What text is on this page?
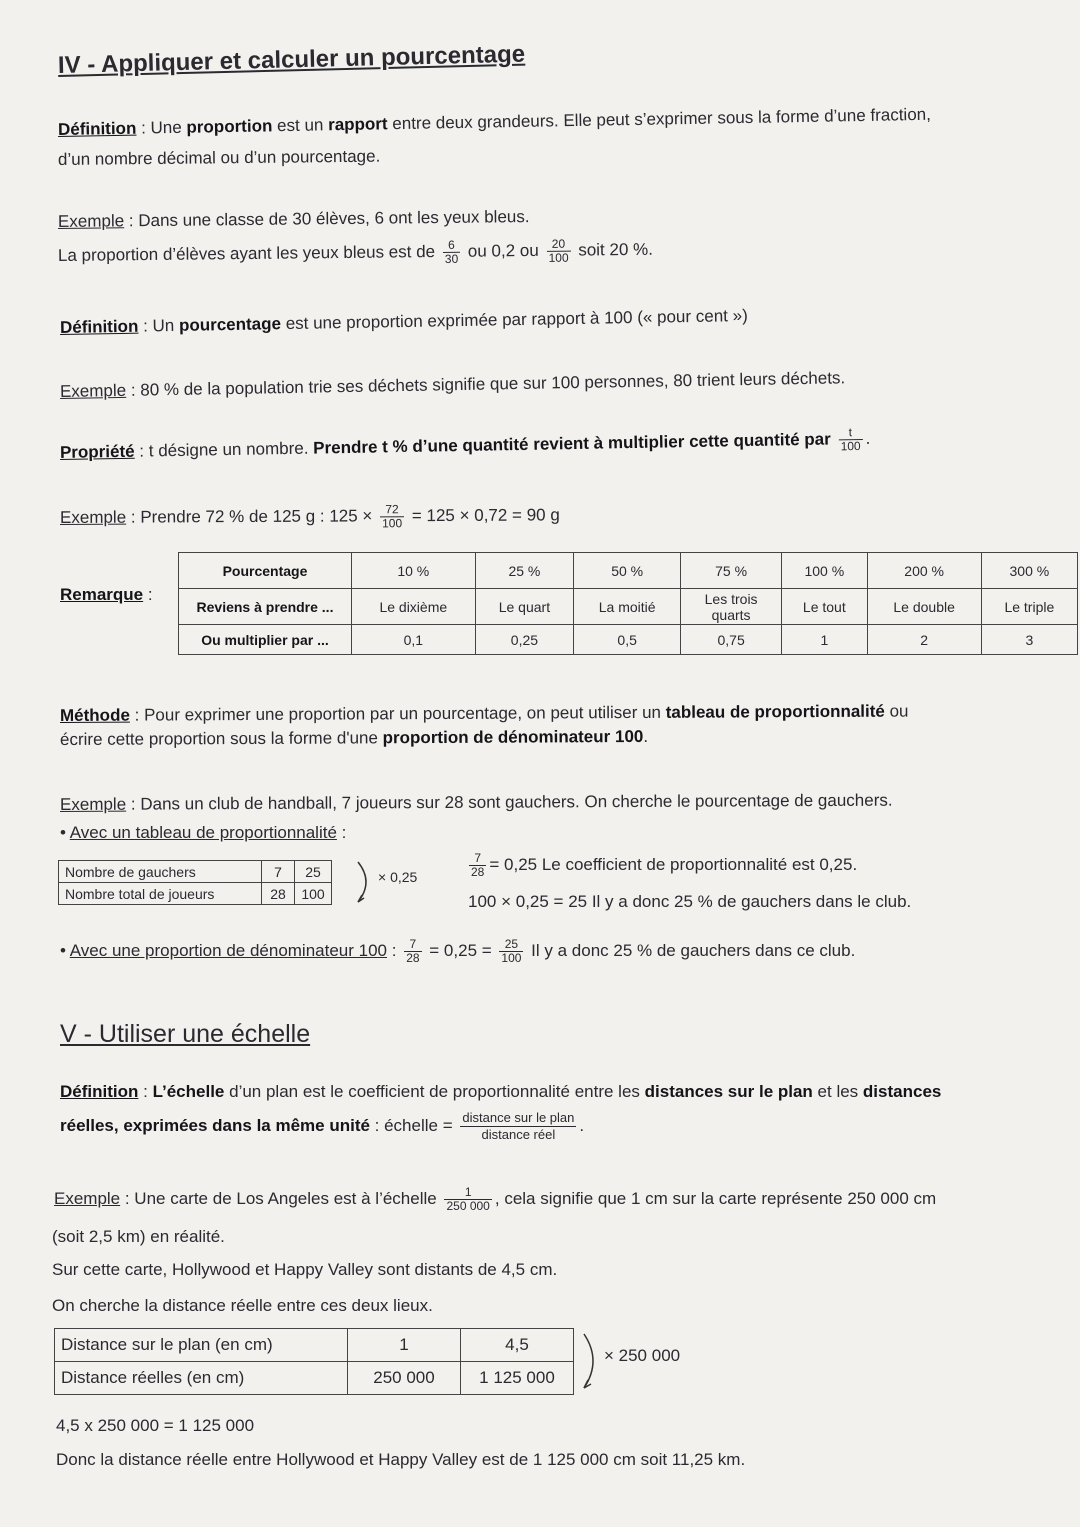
IV - Appliquer et calculer un pourcentage
Définition : Une proportion est un rapport entre deux grandeurs. Elle peut s’exprimer sous la forme d’une fraction,
d’un nombre décimal ou d’un pourcentage.
Exemple : Dans une classe de 30 élèves, 6 ont les yeux bleus.
La proportion d’élèves ayant les yeux bleus est de $\frac{6}{30}$ ou 0,2 ou $\frac{20}{100}$ soit 20 %.
Définition : Un pourcentage est une proportion exprimée par rapport à 100 (« pour cent »)
Exemple : 80 % de la population trie ses déchets signifie que sur 100 personnes, 80 trient leurs déchets.
Propriété : t désigne un nombre. Prendre t % d’une quantité revient à multiplier cette quantité par $\frac{t}{100}$ .
Exemple : Prendre 72 % de 125 g : $125 \times \frac{72}{100} = 125 \times 0,72 = 90$ g
Remarque :
Pourcentage	10 %	25 %	50 %	75 %	100 %	200 %	300 %
Reviens à prendre ...	Le dixième	Le quart	La moitié	Les trois
quarts	Le tout	Le double	Le triple
Ou multiplier par ...	0,1	0,25	0,5	0,75	1	2	3
Méthode : Pour exprimer une proportion par un pourcentage, on peut utiliser un tableau de proportionnalité ou
écrire cette proportion sous la forme d'une proportion de dénominateur 100.
Exemple : Dans un club de handball, 7 joueurs sur 28 sont gauchers. On cherche le pourcentage de gauchers.
• Avec un tableau de proportionnalité :
Nombre de gauchers	7	25
Nombre total de joueurs	28	100
× 0,25	$\frac{7}{28} = 0,25$ Le coefficient de proportionnalité est 0,25.
100 × 0,25 = 25 Il y a donc 25 % de gauchers dans le club.
• Avec une proportion de dénominateur 100 : $\frac{7}{28} = 0,25 = \frac{25}{100}$ Il y a donc 25 % de gauchers dans ce club.
V - Utiliser une échelle
Définition : L’échelle d’un plan est le coefficient de proportionnalité entre les distances sur le plan et les distances
réelles, exprimées dans la même unité : échelle = $\frac{\text{distance sur le plan}}{\text{distance réel}}$ .
Exemple : Une carte de Los Angeles est à l’échelle $\frac{1}{250 000}$ , cela signifie que 1 cm sur la carte représente 250 000 cm
(soit 2,5 km) en réalité.
Sur cette carte, Hollywood et Happy Valley sont distants de 4,5 cm.
On cherche la distance réelle entre ces deux lieux.
Distance sur le plan (en cm)	1	4,5
Distance réelles (en cm)	250 000	1 125 000
× 250 000
4,5 x 250 000 = 1 125 000
Donc la distance réelle entre Hollywood et Happy Valley est de 1 125 000 cm soit 11,25 km.
